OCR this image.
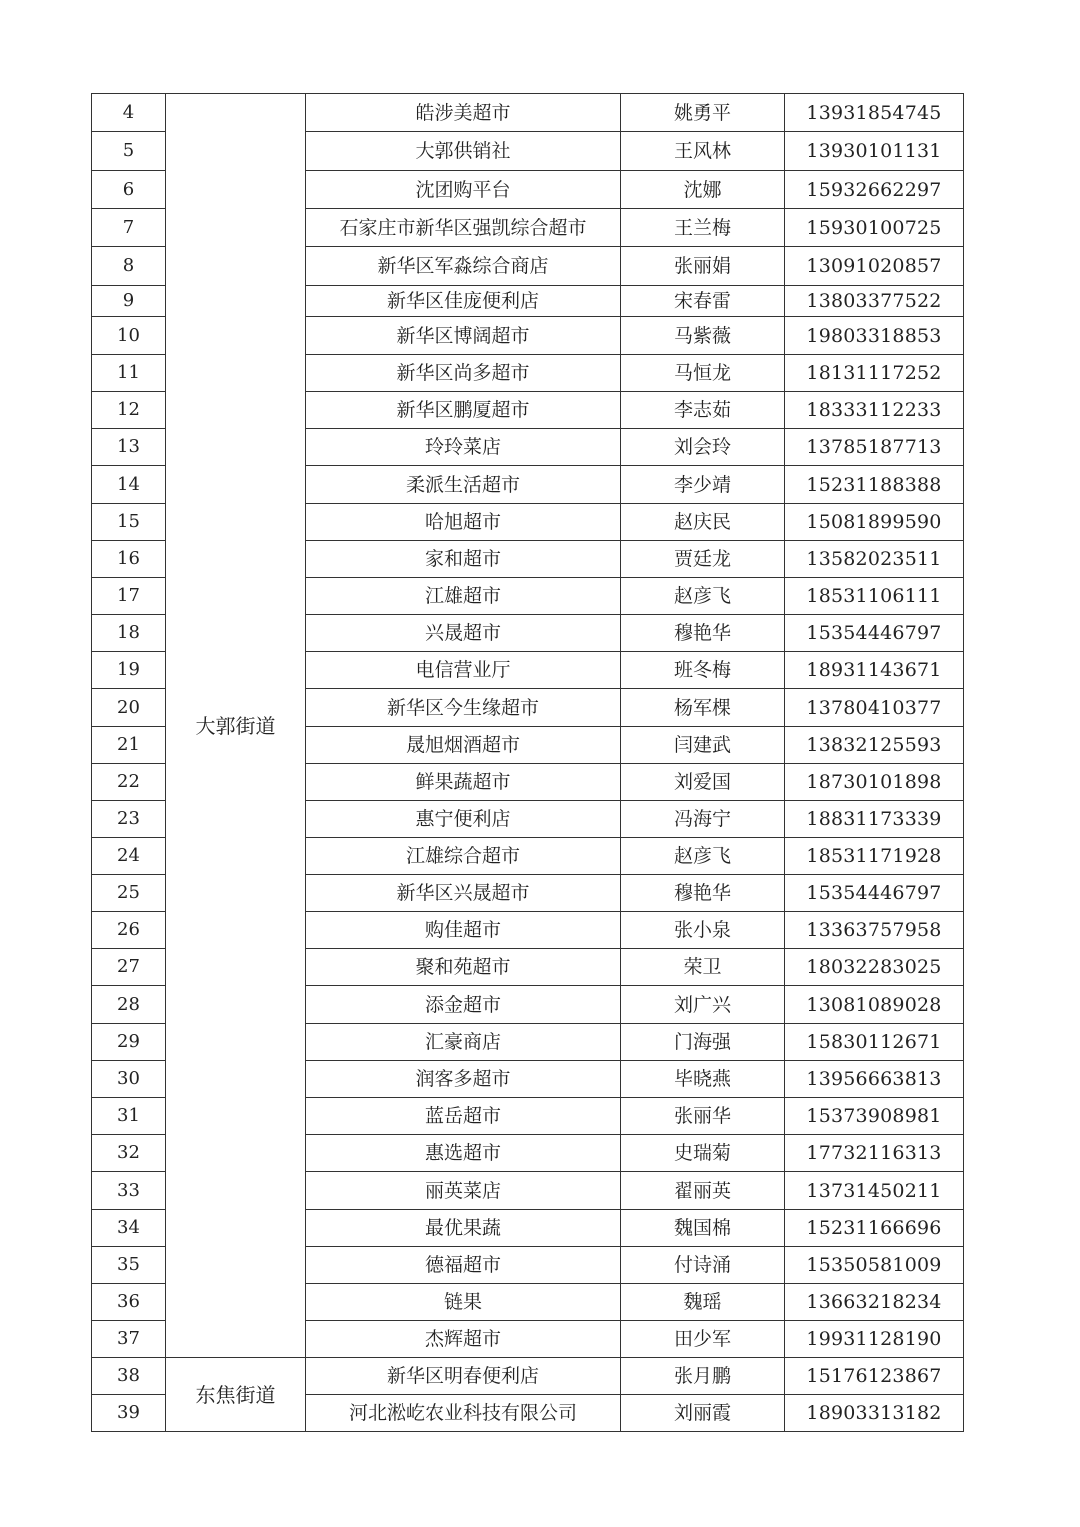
4	大郭街道	皓涉美超市	姚勇平	13931854745
5		大郭供销社	王风林	13930101131
6		沈团购平台	沈娜	15932662297
7		石家庄市新华区强凯综合超市	王兰梅	15930100725
8		新华区军淼综合商店	张丽娟	13091020857
9		新华区佳庞便利店	宋春雷	13803377522
10		新华区博阔超市	马紫薇	19803318853
11		新华区尚多超市	马恒龙	18131117252
12		新华区鹏厦超市	李志茹	18333112233
13		玲玲菜店	刘会玲	13785187713
14		柔派生活超市	李少靖	15231188388
15		哈旭超市	赵庆民	15081899590
16		家和超市	贾廷龙	13582023511
17		江雄超市	赵彦飞	18531106111
18		兴晟超市	穆艳华	15354446797
19		电信营业厅	班冬梅	18931143671
20		新华区今生缘超市	杨军棵	13780410377
21		晟旭烟酒超市	闫建武	13832125593
22		鲜果蔬超市	刘爱国	18730101898
23		惠宁便利店	冯海宁	18831173339
24		江雄综合超市	赵彦飞	18531171928
25		新华区兴晟超市	穆艳华	15354446797
26		购佳超市	张小泉	13363757958
27		聚和苑超市	荣卫	18032283025
28		添金超市	刘广兴	13081089028
29		汇豪商店	门海强	15830112671
30		润客多超市	毕晓燕	13956663813
31		蓝岳超市	张丽华	15373908981
32		惠选超市	史瑞菊	17732116313
33		丽英菜店	翟丽英	13731450211
34		最优果蔬	魏国棉	15231166696
35		德福超市	付诗涌	15350581009
36		链果	魏瑶	13663218234
37		杰辉超市	田少军	19931128190
38	东焦街道	新华区明春便利店	张月鹏	15176123867
39		河北淞屹农业科技有限公司	刘丽霞	18903313182
